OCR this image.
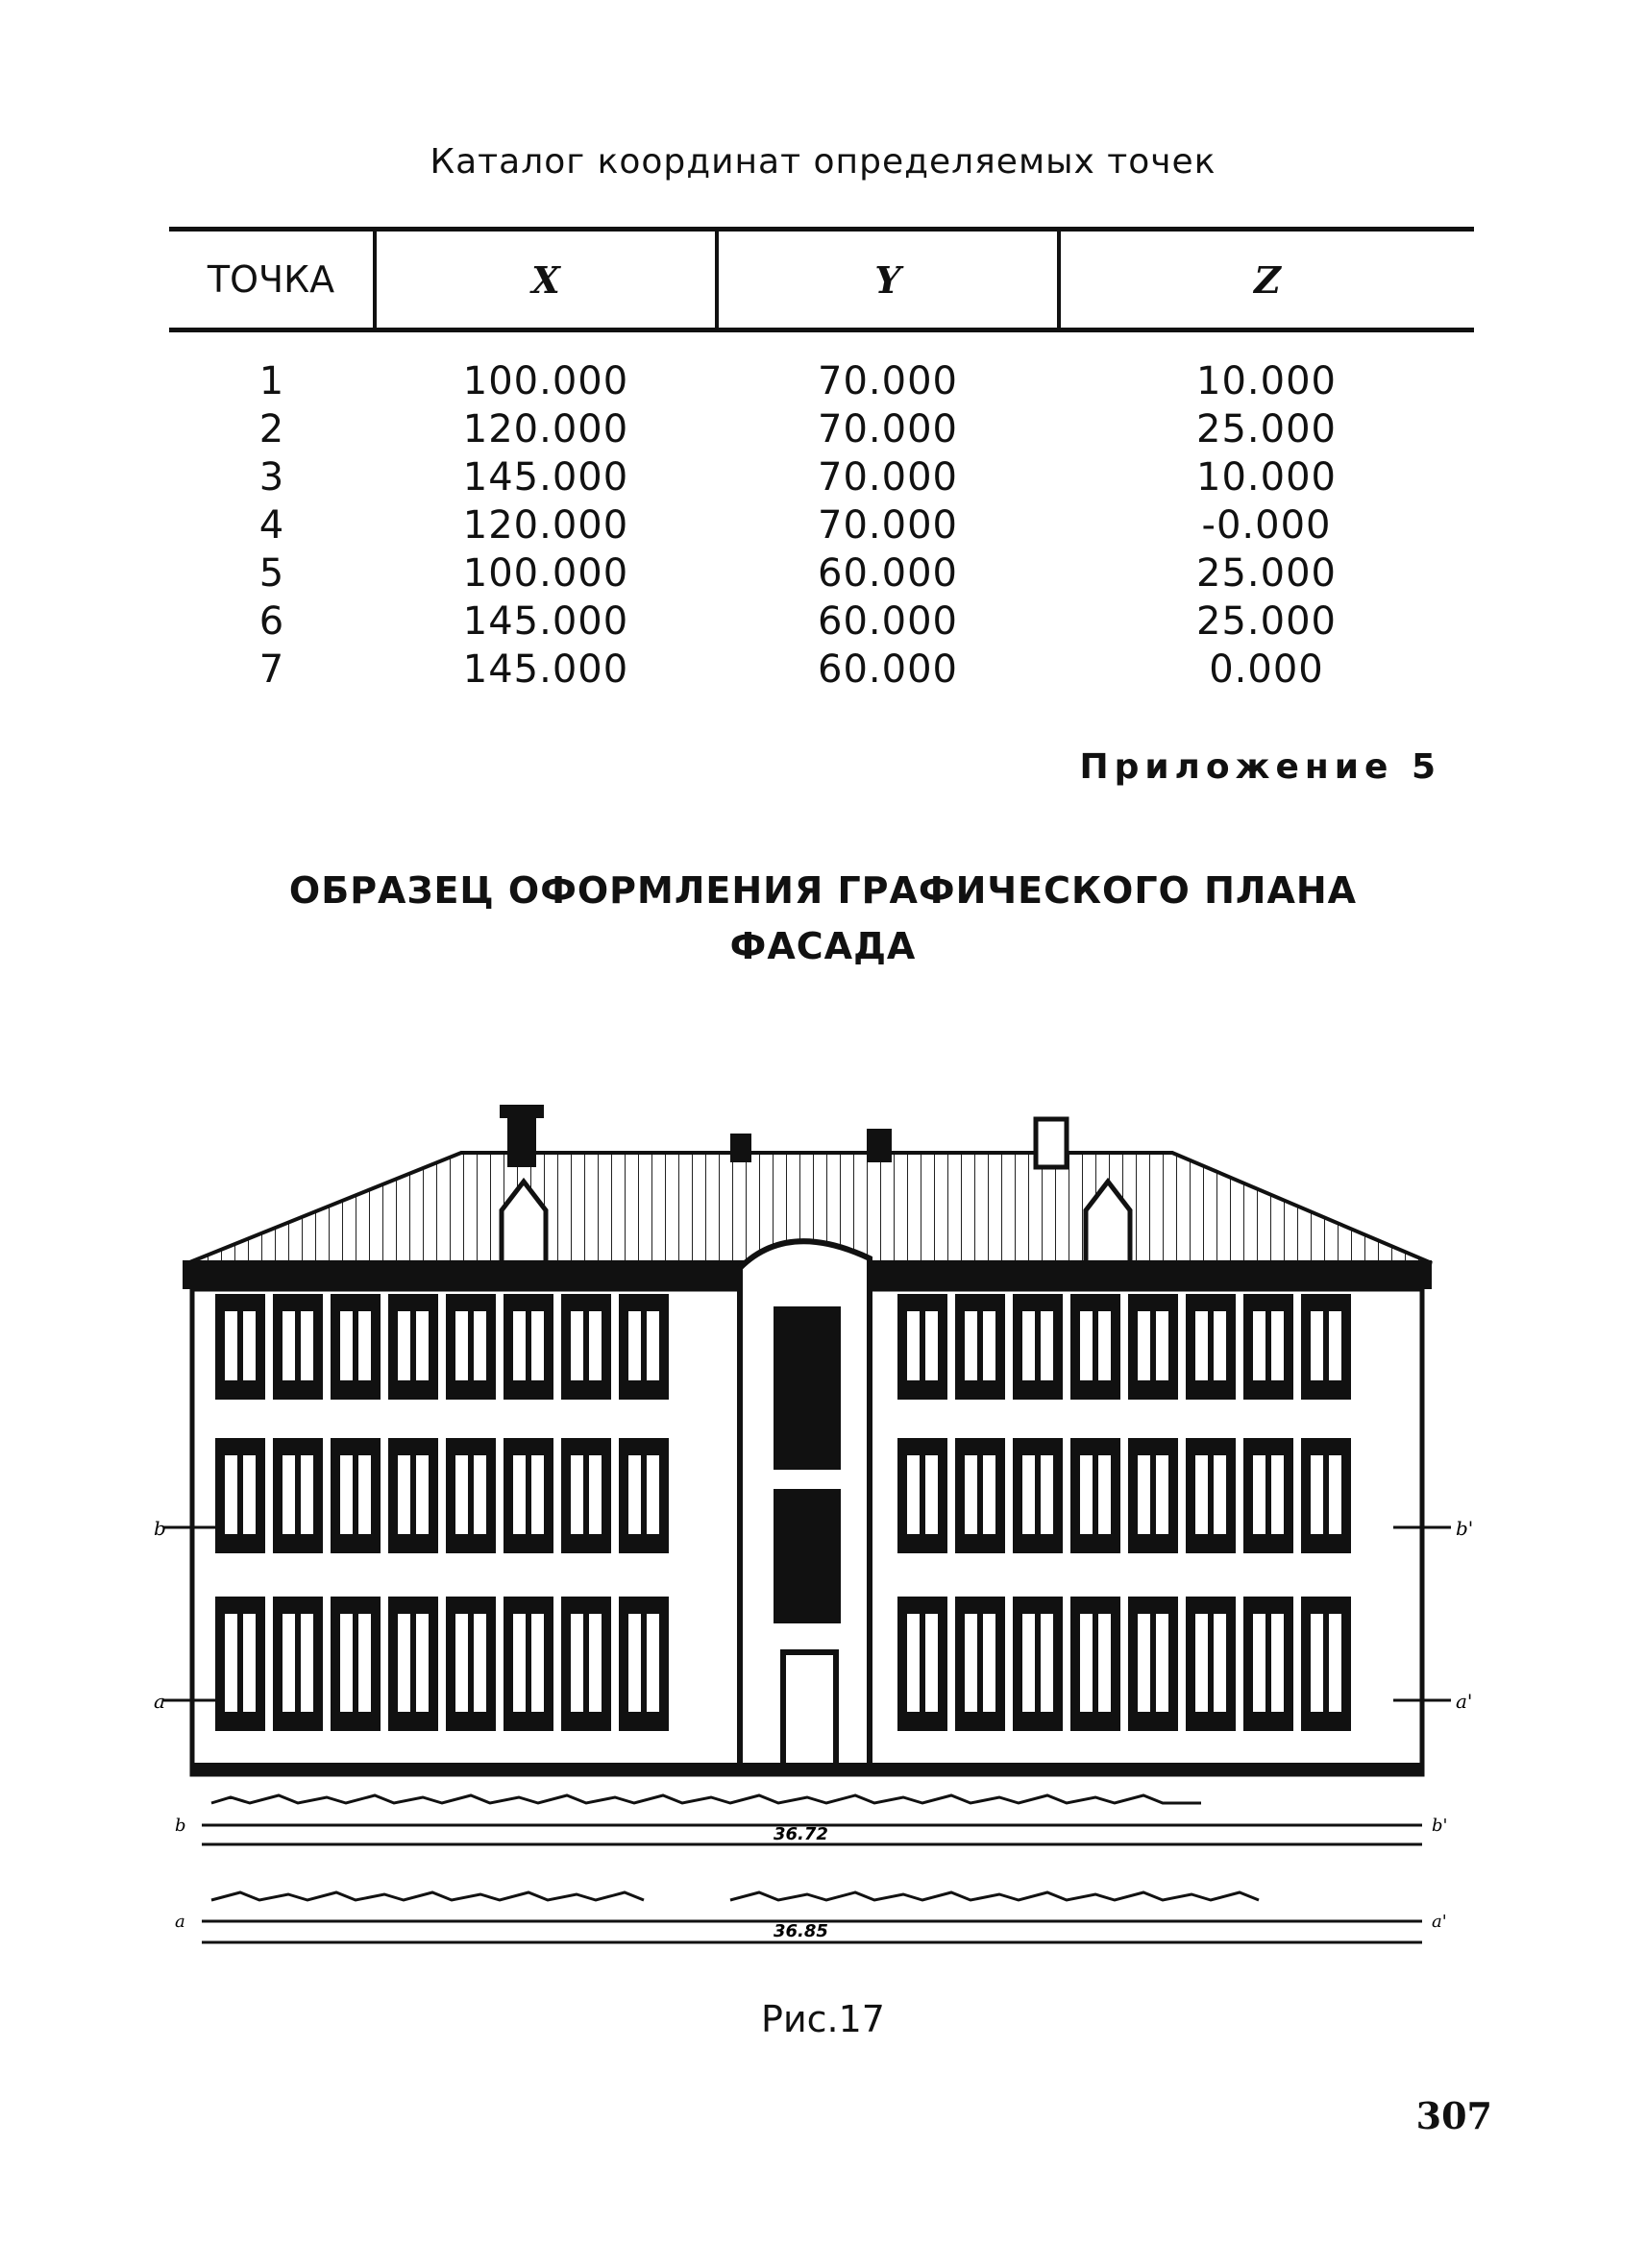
Каталог координат определяемых точек
ТОЧКА	X	Y	Z
1	100.000	70.000	10.000
2	120.000	70.000	25.000
3	145.000	70.000	10.000
4	120.000	70.000	-0.000
5	100.000	60.000	25.000
6	145.000	60.000	25.000
7	145.000	60.000	0.000
Приложение 5
ОБРАЗЕЦ ОФОРМЛЕНИЯ ГРАФИЧЕСКОГО ПЛАНА
ФАСАДА
b	b'
a	a'
36.72
36.85
b	b'
a	a'
Рис.17
307
